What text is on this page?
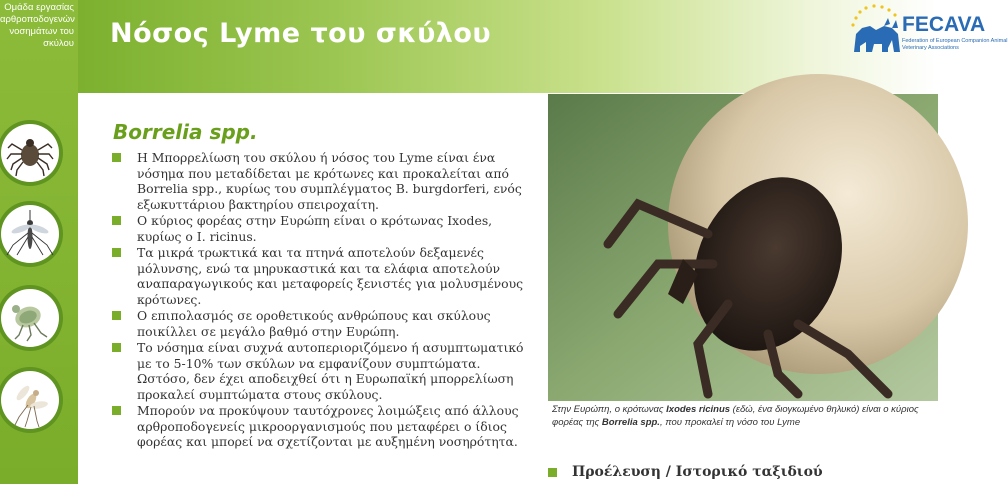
Ομάδα εργασίας αρθροποδογενών νοσημάτων του σκύλου Νόσος Lyme του σκύλου	FECAVA
Federation of European Companion Animal Veterinary Associations
Borrelia spp.
Η Μπορρελίωση του σκύλου ή νόσος του Lyme είναι ένα νόσημα που μεταδίδεται με κρότωνες και προκαλείται από Borrelia spp., κυρίως του συμπλέγματος B. burgdorferi, ενός εξωκυττάριου βακτηρίου σπειροχαίτη.
Ο κύριος φορέας στην Ευρώπη είναι ο κρότωνας Ixodes, κυρίως ο I. ricinus.
Τα μικρά τρωκτικά και τα πτηνά αποτελούν δεξαμενές μόλυνσης, ενώ τα μηρυκαστικά και τα ελάφια αποτελούν αναπαραγωγικούς και μεταφορείς ξενιστές για μολυσμένους κρότωνες.
Ο επιπολασμός σε οροθετικούς ανθρώπους και σκύλους ποικίλλει σε μεγάλο βαθμό στην Ευρώπη.
Το νόσημα είναι συχνά αυτοπεριοριζόμενο ή ασυμπτωματικό με το 5-10% των σκύλων να εμφανίζουν συμπτώματα. Ωστόσο, δεν έχει αποδειχθεί ότι η Ευρωπαϊκή μπορρελίωση προκαλεί συμπτώματα στους σκύλους.
Μπορούν να προκύψουν ταυτόχρονες λοιμώξεις από άλλους αρθροποδογενείς μικροοργανισμούς που μεταφέρει ο ίδιος φορέας και μπορεί να σχετίζονται με αυξημένη νοσηρότητα.
Στην Ευρώπη, ο κρότωνας Ixodes ricinus (εδώ, ένα διογκωμένο θηλυκό) είναι ο κύριος φορέας της Borrelia spp., που προκαλεί τη νόσο του Lyme
Προέλευση / Ιστορικό ταξιδιού
